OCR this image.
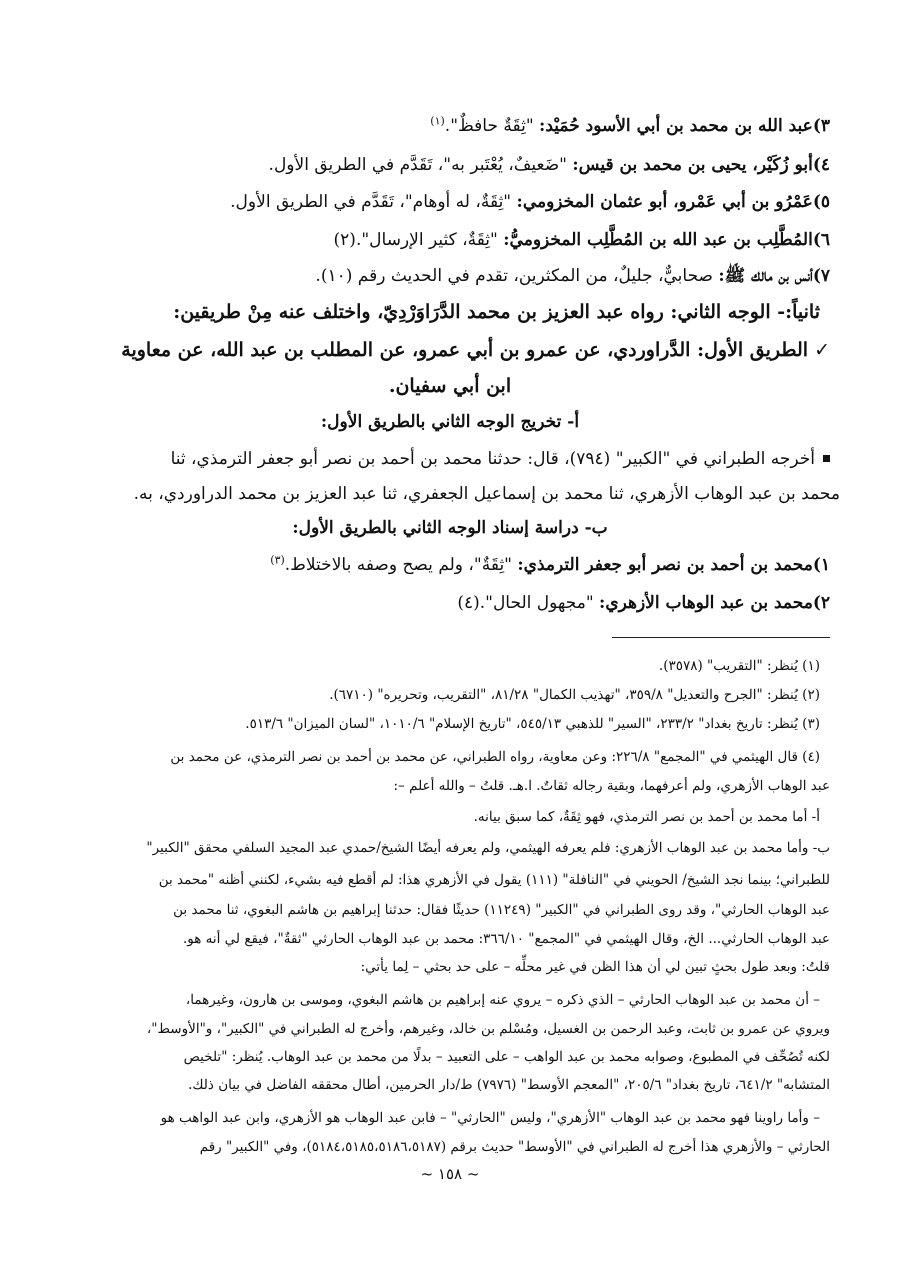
٣)عبد الله بن محمد بن أبي الأسود حُمَيْد: "ثِقَةٌ حافظٌ".$^{(١)}$
٤)أبو زُكَيْر، يحيى بن محمد بن قيس: "ضَعيفٌ، يُعْتَبر به"، تَقَدَّم في الطريق الأول.
٥)عَمْرُو بن أبي عَمْرو، أبو عثمان المخزومي: "ثِقَةٌ، له أوهام"، تَقَدَّم في الطريق الأول.
٦)المُطَّلِب بن عبد الله بن المُطَّلِب المخزوميُّ: "ثِقَةٌ، كثير الإرسال".(٢)
٧)أنس بن مالك ﷺ: صحابيٌّ، جليلٌ، من المكثرين، تقدم في الحديث رقم (١٠).
ثانياً:- الوجه الثاني: رواه عبد العزيز بن محمد الدَّرَاوَرْدِيّ، واختلف عنه مِنْ طريقين:
✓الطريق الأول: الدَّراوردي، عن عمرو بن أبي عمرو، عن المطلب بن عبد الله، عن معاوية
ابن أبي سفيان.
أ- تخريج الوجه الثاني بالطريق الأول:
أخرجه الطبراني في "الكبير" (٧٩٤)، قال: حدثنا محمد بن أحمد بن نصر أبو جعفر الترمذي، ثنا
محمد بن عبد الوهاب الأزهري، ثنا محمد بن إسماعيل الجعفري، ثنا عبد العزيز بن محمد الدراوردي، به.
ب- دراسة إسناد الوجه الثاني بالطريق الأول:
١)محمد بن أحمد بن نصر أبو جعفر الترمذي: "ثِقَةٌ"، ولم يصح وصفه بالاختلاط.$^{(٣)}$
٢)محمد بن عبد الوهاب الأزهري: "مجهول الحال".(٤)
(١) يُنظر: "التقريب" (٣٥٧٨).
(٢) يُنظر: "الجرح والتعديل" ٣٥٩/٨، "تهذيب الكمال" ٨١/٢٨، "التقريب، وتحريره" (٦٧١٠).
(٣) يُنظر: تاريخ بغداد" ٢٣٣/٢، "السير" للذهبي ٥٤٥/١٣، "تاريخ الإسلام" ١٠١٠/٦، "لسان الميزان" ٥١٣/٦.
(٤) قال الهيثمي في "المجمع" ٢٢٦/٨: وعن معاوية، رواه الطبراني، عن محمد بن أحمد بن نصر الترمذي، عن محمد بن
عبد الوهاب الأزهري، ولم أعرفهما، وبقية رجاله ثقاتٌ. ا.هـ. قلتُ – والله أعلم –:
أ- أما محمد بن أحمد بن نصر الترمذي، فهو ثِقَةٌ، كما سبق بيانه.
ب- وأما محمد بن عبد الوهاب الأزهري: فلم يعرفه الهيثمي، ولم يعرفه أيضًا الشيخ/حمدي عبد المجيد السلفي محقق "الكبير"
للطبراني؛ بينما نجد الشيخ/ الحويني في "النافلة" (١١١) يقول في الأزهري هذا: لم أقطع فيه بشيء، لكنني أظنه "محمد بن
عبد الوهاب الحارثي"، وقد روى الطبراني في "الكبير" (١١٢٤٩) حديثًا فقال: حدثنا إبراهيم بن هاشم البغوي، ثنا محمد بن
عبد الوهاب الحارثي... الخ، وقال الهيثمي في "المجمع" ٣٦٦/١٠: محمد بن عبد الوهاب الحارثي "ثقةٌ"، فيقع لي أنه هو.
قلتُ: وبعد طول بحثٍ تبين لي أن هذا الظن في غير محلِّه – على حد بحثي – لِما يأتي:
– أن محمد بن عبد الوهاب الحارثي – الذي ذكره – يروي عنه إبراهيم بن هاشم البغوي، وموسى بن هارون، وغيرهما،
ويروي عن عمرو بن ثابت، وعبد الرحمن بن الغسيل، ومُسْلم بن خالد، وغيرهم، وأخرج له الطبراني في "الكبير"، و"الأوسط"،
لكنه تُصُحِّف في المطبوع، وصوابه محمد بن عبد الواهب – على التعبيد – بدلًا من محمد بن عبد الوهاب. يُنظر: "تلخيص
المتشابه" ٦٤١/٢، تاريخ بغداد" ٢٠٥/٦، "المعجم الأوسط" (٧٩٧٦) ط/دار الحرمين، أطال محققه الفاضل في بيان ذلك.
– وأما راوينا فهو محمد بن عبد الوهاب "الأزهري"، وليس "الحارثي" – فابن عبد الوهاب هو الأزهري، وابن عبد الواهب هو
الحارثي – والأزهري هذا أخرج له الطبراني في "الأوسط" حديث برقم (٥١٨٤،٥١٨٥،٥١٨٦،٥١٨٧)، وفي "الكبير" رقم
~ ١٥٨ ~
